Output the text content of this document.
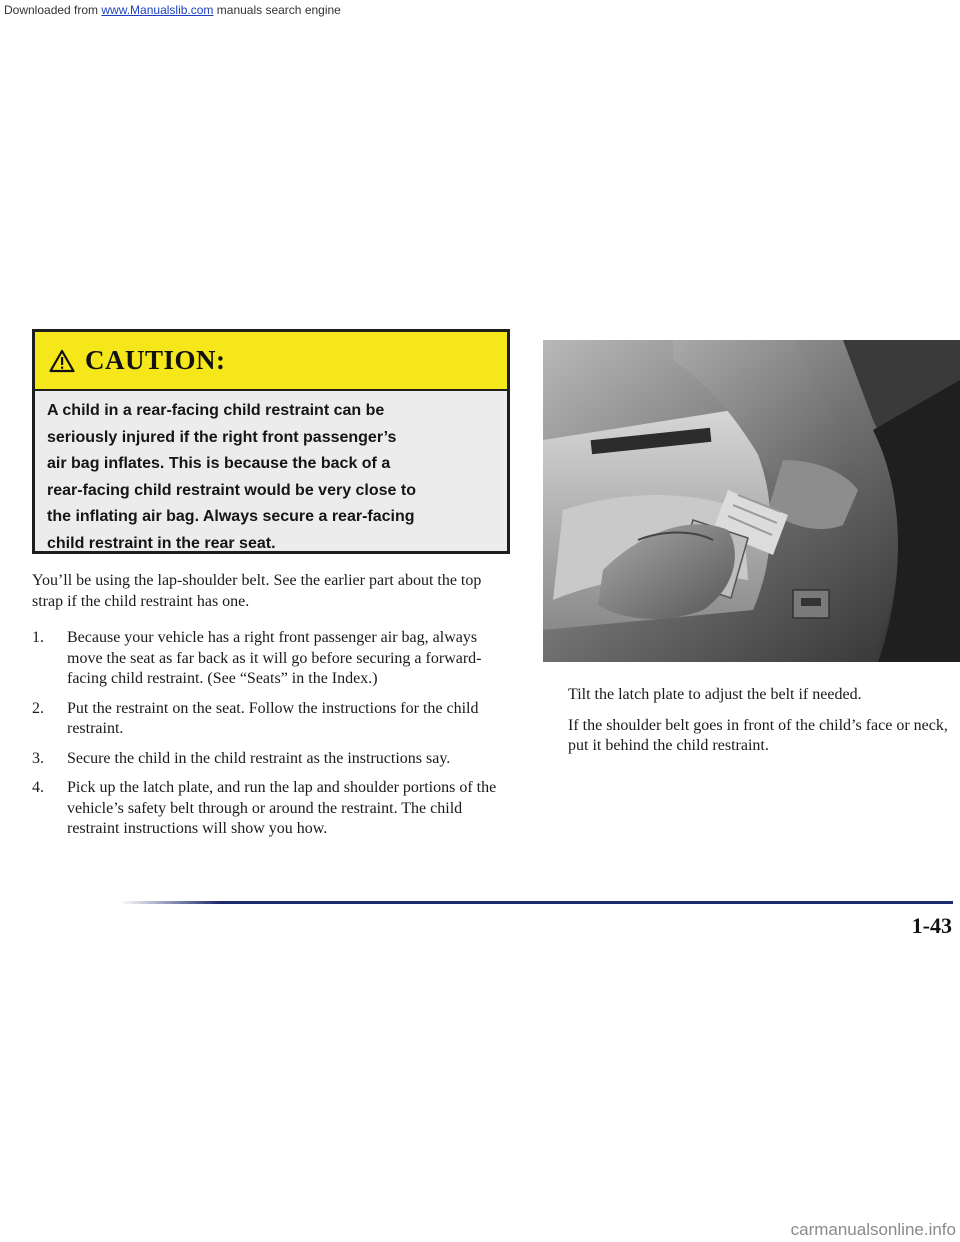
Downloaded from www.Manualslib.com manuals search engine
CAUTION:
A child in a rear-facing child restraint can be
seriously injured if the right front passenger’s
air bag inflates. This is because the back of a
rear-facing child restraint would be very close to
the inflating air bag. Always secure a rear-facing
child restraint in the rear seat.
You’ll be using the lap-shoulder belt. See the earlier part about the top strap if the child restraint has one.
1.	Because your vehicle has a right front passenger air bag, always move the seat as far back as it will go before securing a forward-facing child restraint. (See “Seats” in the Index.)
2.	Put the restraint on the seat. Follow the instructions for the child restraint.
3.	Secure the child in the child restraint as the instructions say.
4.	Pick up the latch plate, and run the lap and shoulder portions of the vehicle’s safety belt through or around the restraint. The child restraint instructions will show you how.

Tilt the latch plate to adjust the belt if needed.

If the shoulder belt goes in front of the child’s face or neck, put it behind the child restraint.

1-43
carmanualsonline.info
